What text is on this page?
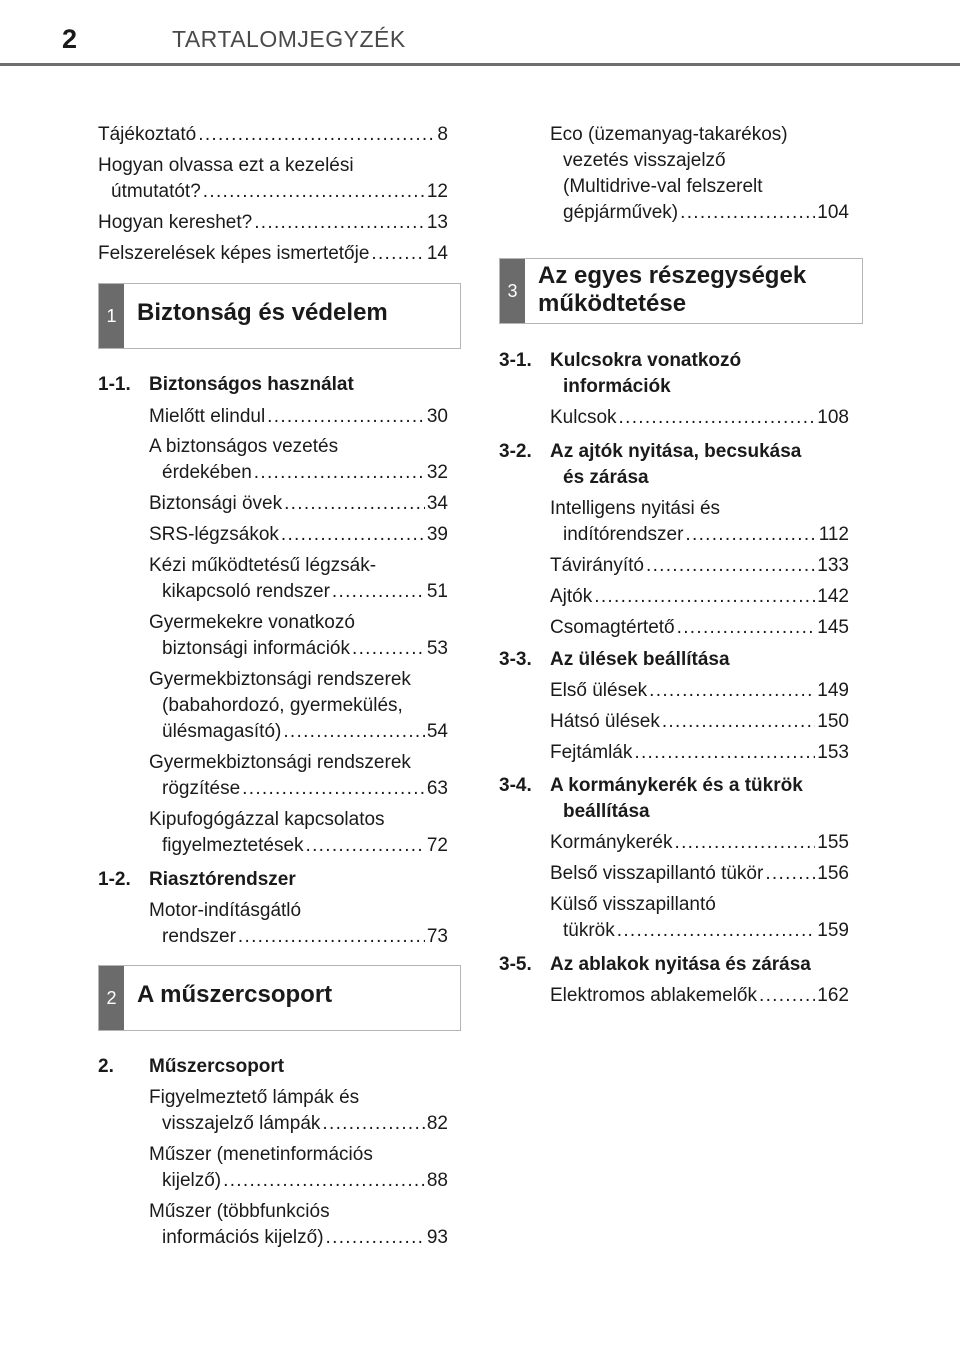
2	TARTALOMJEGYZÉK
Tájékoztató .....	8
Hogyan olvassa ezt a kezelési
útmutatót? .....	12
Hogyan kereshet? .....	13
Felszerelések képes ismertetője .....	14
1 Biztonság és védelem
1-1. Biztonságos használat
Mielőtt elindul .....	30
A biztonságos vezetés
érdekében .....	32
Biztonsági övek .....	34
SRS-légzsákok .....	39
Kézi működtetésű légzsák-
kikapcsoló rendszer .....	51
Gyermekekre vonatkozó
biztonsági információk .....	53
Gyermekbiztonsági rendszerek
(babahordozó, gyermekülés,
ülésmagasító) .....	54
Gyermekbiztonsági rendszerek
rögzítése .....	63
Kipufogógázzal kapcsolatos
figyelmeztetések .....	72
1-2. Riasztórendszer
Motor-indításgátló
rendszer .....	73
2 A műszercsoport
2. Műszercsoport
Figyelmeztető lámpák és
visszajelző lámpák .....	82
Műszer (menetinformációs
kijelző) .....	88
Műszer (többfunkciós
információs kijelző) .....	93
Eco (üzemanyag-takarékos)
vezetés visszajelző
(Multidrive-val felszerelt
gépjárművek) .....	104
3
Az egyes részegységek
működtetése
3-1. Kulcsokra vonatkozó
információk
Kulcsok .....	108
3-2. Az ajtók nyitása, becsukása
és zárása
Intelligens nyitási és
indítórendszer .....	112
Távirányító .....	133
Ajtók .....	142
Csomagtértető .....	145
3-3. Az ülések beállítása
Első ülések .....	149
Hátsó ülések .....	150
Fejtámlák .....	153
3-4. A kormánykerék és a tükrök
beállítása
Kormánykerék .....	155
Belső visszapillantó tükör .....	156
Külső visszapillantó
tükrök .....	159
3-5. Az ablakok nyitása és zárása
Elektromos ablakemelők .....	162
